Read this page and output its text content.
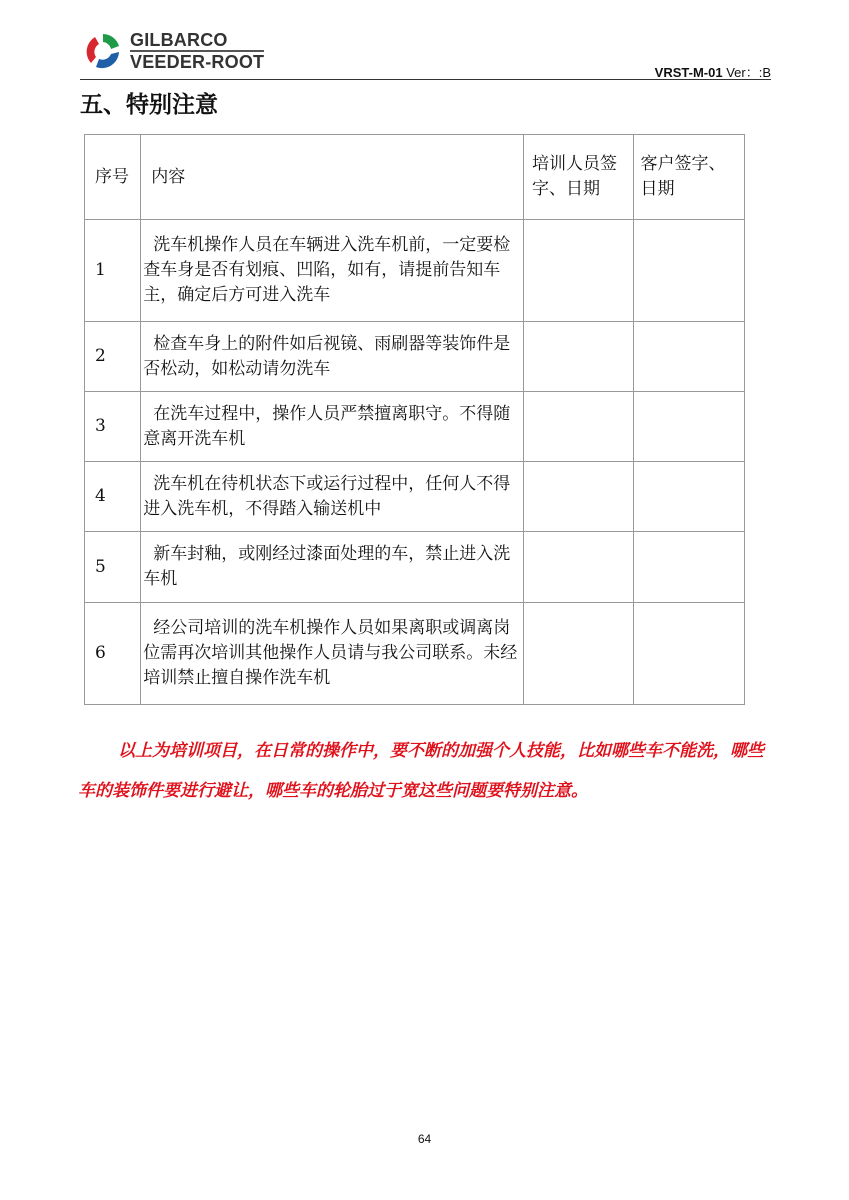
GILBARCO
VEEDER-ROOT
VRST-M-01 Ver：:B
五、特别注意
序号	内容	培训人员签字、日期	客户签字、日期
1	洗车机操作人员在车辆进入洗车机前，一定要检查车身是否有划痕、凹陷，如有，请提前告知车主，确定后方可进入洗车		
2	检查车身上的附件如后视镜、雨刷器等装饰件是否松动，如松动请勿洗车		
3	在洗车过程中，操作人员严禁擅离职守。不得随意离开洗车机		
4	洗车机在待机状态下或运行过程中，任何人不得进入洗车机，不得踏入输送机中		
5	新车封釉，或刚经过漆面处理的车，禁止进入洗车机		
6	经公司培训的洗车机操作人员如果离职或调离岗位需再次培训其他操作人员请与我公司联系。未经培训禁止擅自操作洗车机		
以上为培训项目，在日常的操作中，要不断的加强个人技能，比如哪些车不能洗，哪些车的装饰件要进行避让，哪些车的轮胎过于宽这些问题要特别注意。
64
